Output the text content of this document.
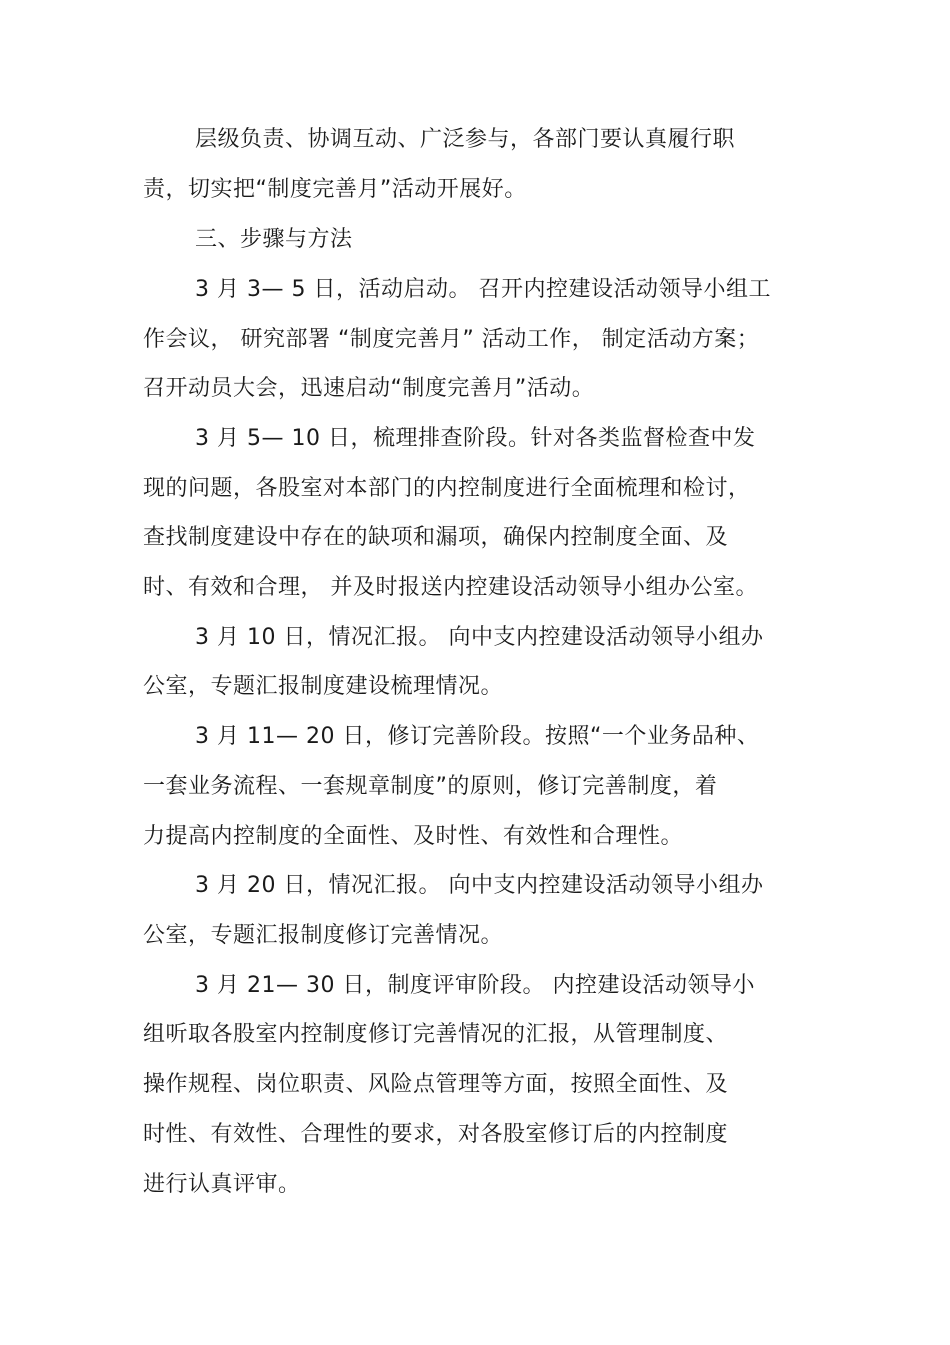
层级负责、协调互动、广泛参与，各部门要认真履行职
责，切实把“制度完善月”活动开展好。
三、步骤与方法
3 月 3— 5 日，活动启动。 召开内控建设活动领导小组工
作会议， 研究部署 “制度完善月” 活动工作， 制定活动方案；
召开动员大会，迅速启动“制度完善月”活动。
3 月 5— 10 日，梳理排查阶段。针对各类监督检查中发
现的问题，各股室对本部门的内控制度进行全面梳理和检讨，
查找制度建设中存在的缺项和漏项，确保内控制度全面、及
时、有效和合理， 并及时报送内控建设活动领导小组办公室。
3 月 10 日，情况汇报。 向中支内控建设活动领导小组办
公室，专题汇报制度建设梳理情况。
3 月 11— 20 日，修订完善阶段。按照“一个业务品种、
一套业务流程、一套规章制度”的原则，修订完善制度，着
力提高内控制度的全面性、及时性、有效性和合理性。
3 月 20 日，情况汇报。 向中支内控建设活动领导小组办
公室，专题汇报制度修订完善情况。
3 月 21— 30 日，制度评审阶段。 内控建设活动领导小
组听取各股室内控制度修订完善情况的汇报，从管理制度、
操作规程、岗位职责、风险点管理等方面，按照全面性、及
时性、有效性、合理性的要求，对各股室修订后的内控制度
进行认真评审。
